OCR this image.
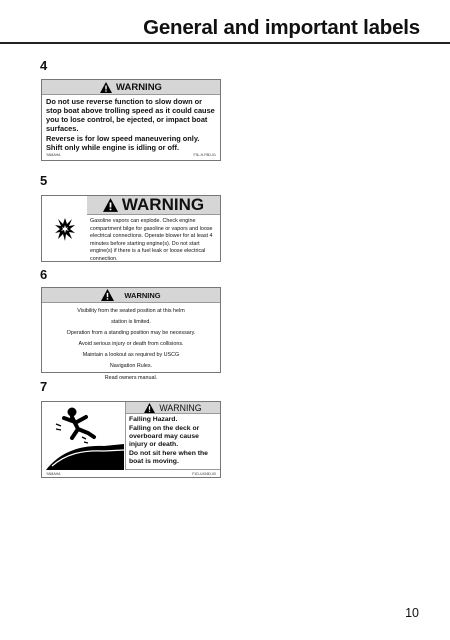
General and important labels
4
WARNING

Do not use reverse function to slow down or stop boat above trolling speed as it could cause you to lose control, be ejected, or impact boat surfaces.

Reverse is for low speed maneuvering only. Shift only while engine is idling or off.

YAMAHA	F3L-H-F8D-01
5
WARNING
Gasoline vapors can explode. Check engine compartment bilge for gasoline or vapors and loose electrical connections. Operate blower for at least 4 minutes before starting engine(s). Do not start engine(s) if there is a fuel leak or loose electrical connection.
6
WARNING
Visibility from the seated position at this helm
station is limited.
Operation from a standing position may be necessary.
Avoid serious injury or death from collisions.
Maintain a lookout as required by USCG
Navigation Rules.
Read owners manual.
7
WARNING

Falling Hazard.

Falling on the deck or overboard may cause injury or death.

Do not sit here when the boat is moving.

YAMAHA	F1D-U416D-00
10
